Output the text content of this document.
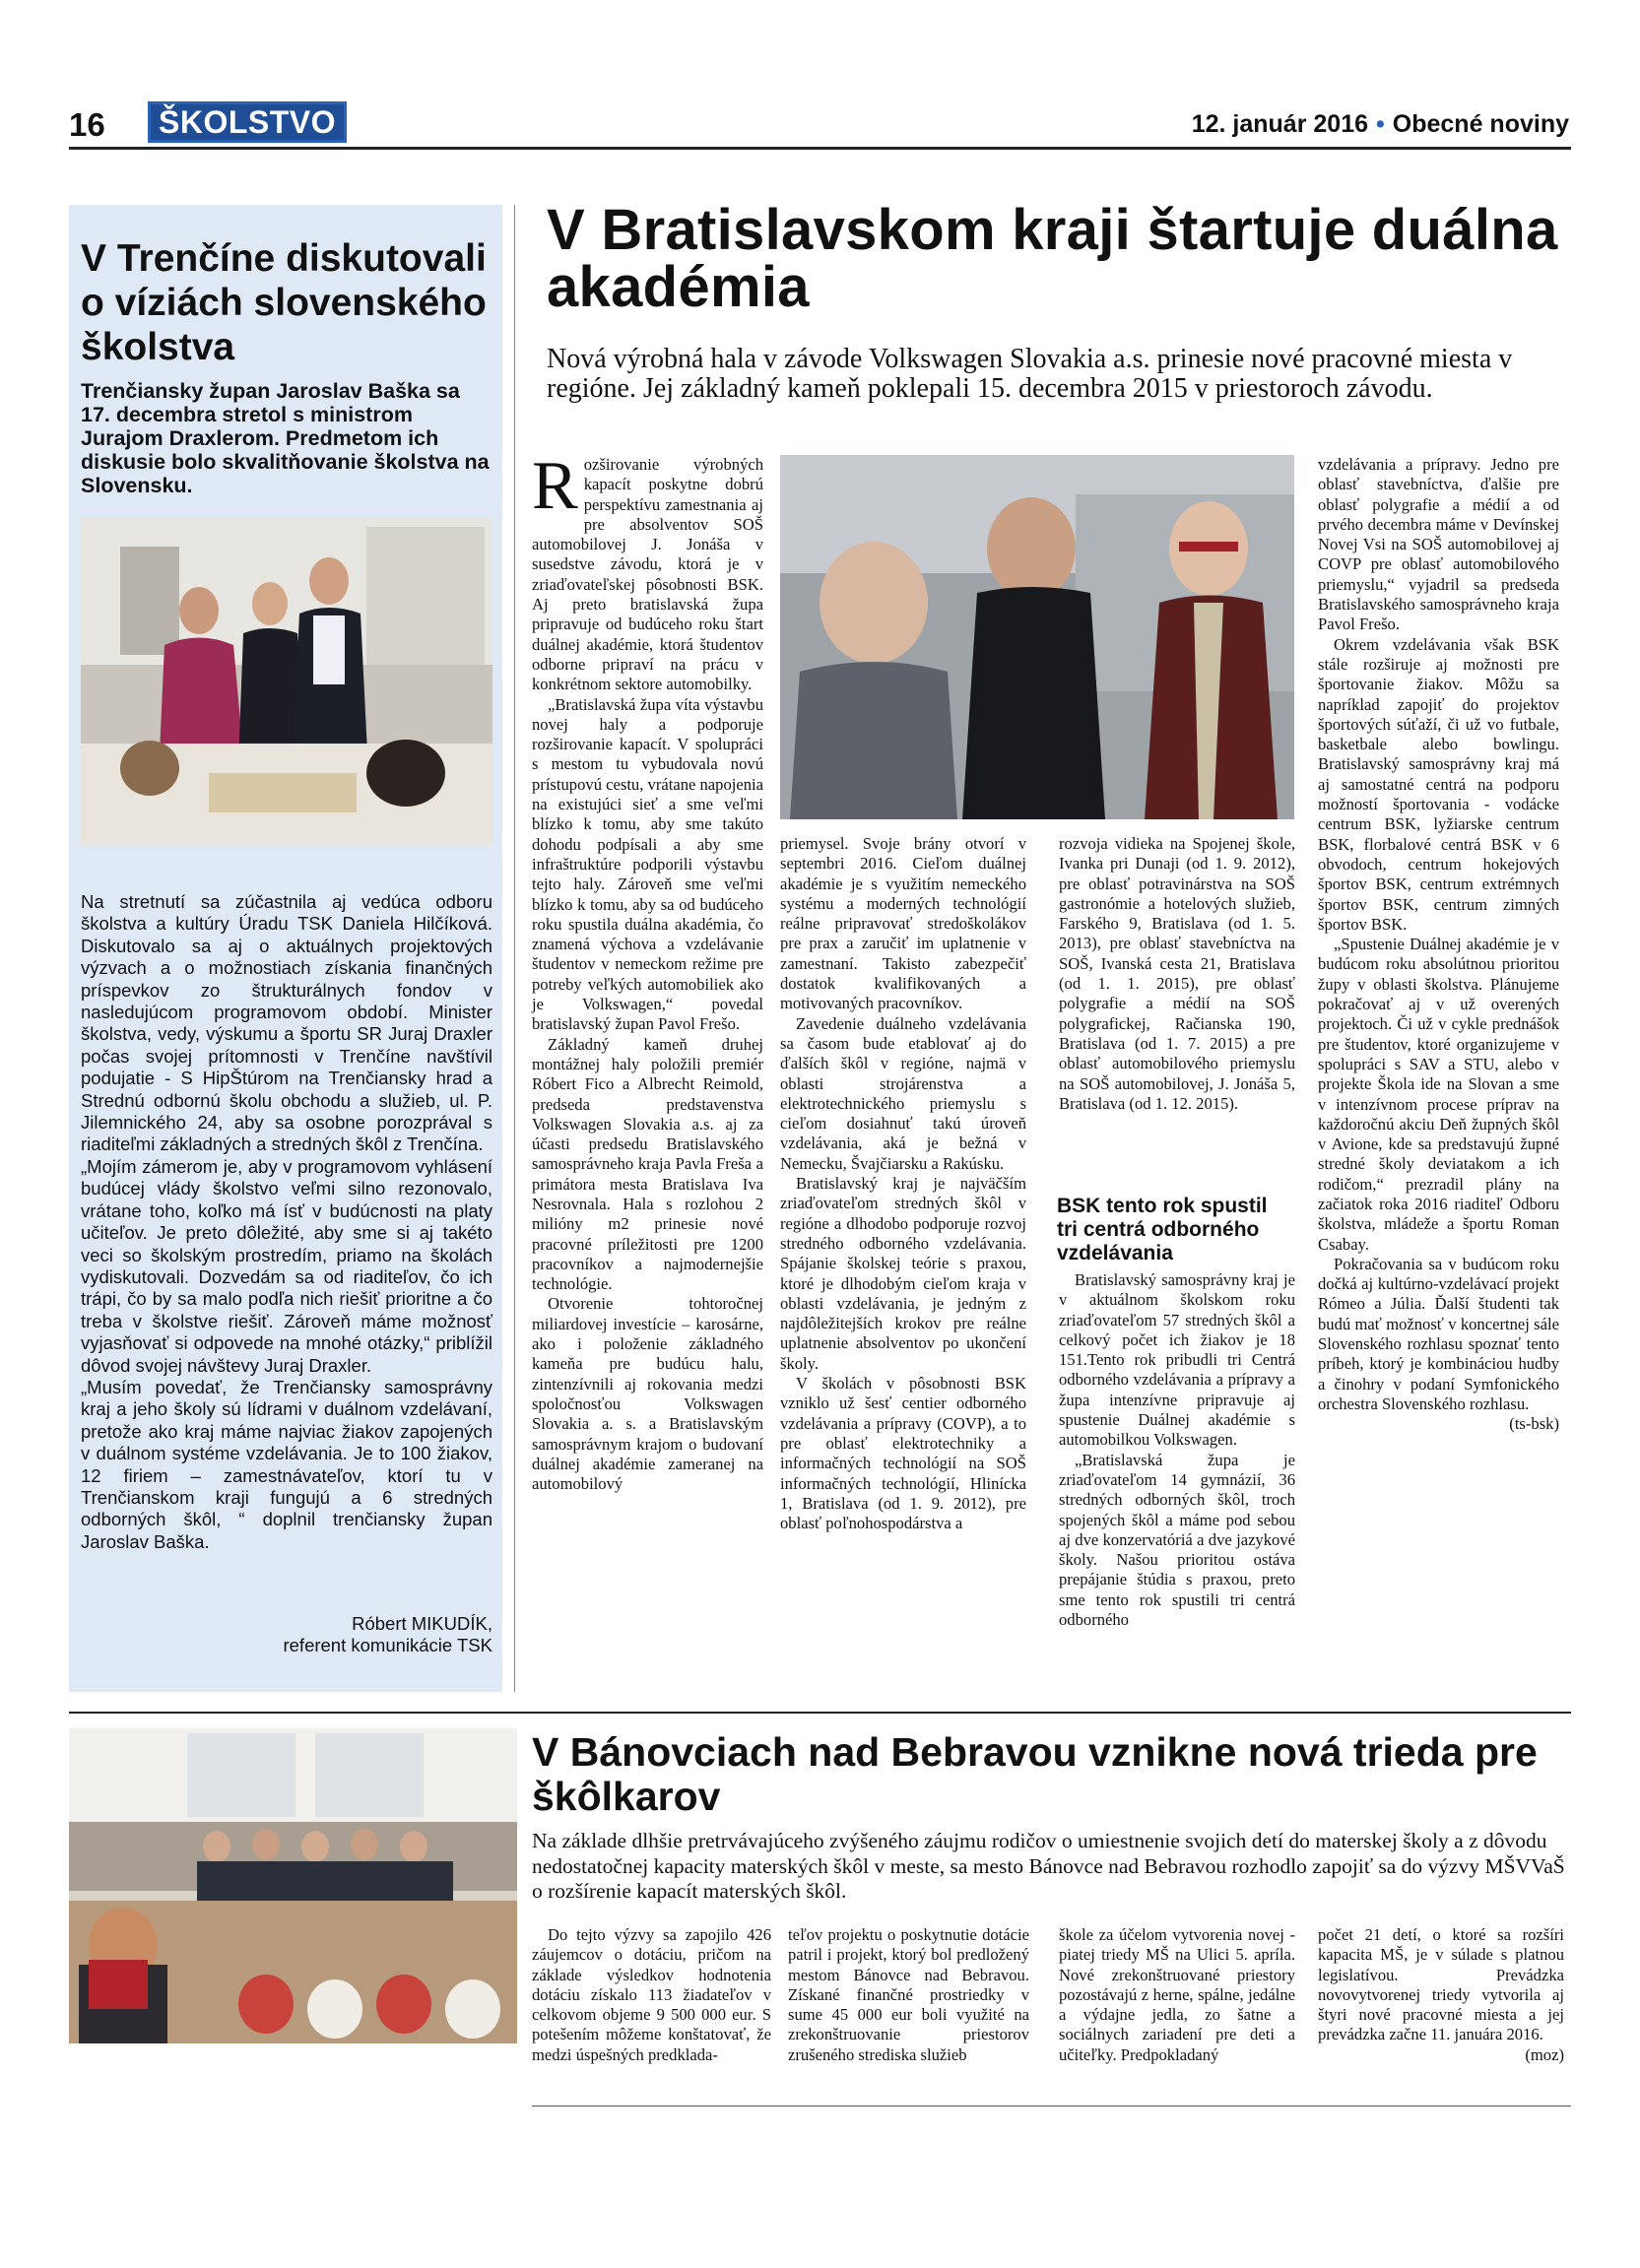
16	ŠKOLSTVO	12. január 2016 • Obecné noviny
V Trenčíne diskutovali o víziách slovenského školstva
Trenčiansky župan Jaroslav Baška sa 17. decembra stretol s ministrom Jurajom Draxlerom. Predmetom ich diskusie bolo skvalitňovanie školstva na Slovensku.

Na stretnutí sa zúčastnila aj vedúca odboru školstva a kultúry Úradu TSK Daniela Hilčíková. Diskutovalo sa aj o aktuálnych projektových výzvach a o možnostiach získania finančných príspevkov zo štrukturálnych fondov v nasledujúcom programovom období. Minister školstva, vedy, výskumu a športu SR Juraj Draxler počas svojej prítomnosti v Trenčíne navštívil podujatie - S HipŠtúrom na Trenčiansky hrad a Strednú odbornú školu obchodu a služieb, ul. P. Jilemnického 24, aby sa osobne porozprával s riaditeľmi základných a stredných škôl z Trenčína.

„Mojím zámerom je, aby v programovom vyhlásení budúcej vlády školstvo veľmi silno rezonovalo, vrátane toho, koľko má ísť v budúcnosti na platy učiteľov. Je preto dôležité, aby sme si aj takéto veci so školským prostredím, priamo na školách vydiskutovali. Dozvedám sa od riaditeľov, čo ich trápi, čo by sa malo podľa nich riešiť prioritne a čo treba v školstve riešiť. Zároveň máme možnosť vyjasňovať si odpovede na mnohé otázky,“ priblížil dôvod svojej návštevy Juraj Draxler.

„Musím povedať, že Trenčiansky samosprávny kraj a jeho školy sú lídrami v duálnom vzdelávaní, pretože ako kraj máme najviac žiakov zapojených v duálnom systéme vzdelávania. Je to 100 žiakov, 12 firiem – zamestnávateľov, ktorí tu v Trenčianskom kraji fungujú a 6 stredných odborných škôl, “ doplnil trenčiansky župan Jaroslav Baška.

Róbert MIKUDÍK,
referent komunikácie TSK
V Bratislavskom kraji štartuje duálna akadémia
Nová výrobná hala v závode Volkswagen Slovakia a.s. prinesie nové pracovné miesta v regióne. Jej základný kameň poklepali 15. decembra 2015 v priestoroch závodu.

Rozširovanie výrobných kapacít poskytne dobrú perspektívu zamestnania aj pre absolventov SOŠ automobilovej J. Jonáša v susedstve závodu, ktorá je v zriaďovateľskej pôsobnosti BSK. Aj preto bratislavská župa pripravuje od budúceho roku štart duálnej akadémie, ktorá študentov odborne pripraví na prácu v konkrétnom sektore automobilky.

„Bratislavská župa víta výstavbu novej haly a podporuje rozširovanie kapacít. V spolupráci s mestom tu vybudovala novú prístupovú cestu, vrátane napojenia na existujúci sieť a sme veľmi blízko k tomu, aby sme takúto dohodu podpísali a aby sme infraštruktúre podporili výstavbu tejto haly. Zároveň sme veľmi blízko k tomu, aby sa od budúceho roku spustila duálna akadémia, čo znamená výchova a vzdelávanie študentov v nemeckom režime pre potreby veľkých automobiliek ako je Volkswagen,“ povedal bratislavský župan Pavol Frešo.

Základný kameň druhej montážnej haly položili premiér Róbert Fico a Albrecht Reimold, predseda predstavenstva Volkswagen Slovakia a.s. aj za účasti predsedu Bratislavského samosprávneho kraja Pavla Frešа a primátora mesta Bratislava Iva Nesrovnala. Hala s rozlohou 2 milióny m2 prinesie nové pracovné príležitosti pre 1200 pracovníkov a najmodernejšie technológie.

Otvorenie tohtoročnej miliardovej investície – karosárne, ako i položenie základného kameňa pre budúcu halu, zintenzívnili aj rokovania medzi spoločnosťou Volkswagen Slovakia a. s. a Bratislavským samosprávnym krajom o budovaní duálnej akadémie zameranej na automobilový

priemysel. Svoje brány otvorí v septembri 2016. Cieľom duálnej akadémie je s využitím nemeckého systému a moderných technológií reálne pripravovať stredoškolákov pre prax a zaručiť im uplatnenie v zamestnaní. Takisto zabezpečiť dostatok kvalifikovaných a motivovaných pracovníkov.

Zavedenie duálneho vzdelávania sa časom bude etablovať aj do ďalších škôl v regióne, najmä v oblasti strojárenstva a elektrotechnického priemyslu s cieľom dosiahnuť takú úroveň vzdelávania, aká je bežná v Nemecku, Švajčiarsku a Rakúsku.

Bratislavský kraj je najväčším zriaďovateľom stredných škôl v regióne a dlhodobo podporuje rozvoj stredného odborného vzdelávania. Spájanie školskej teórie s praxou, ktoré je dlhodobým cieľom kraja v oblasti vzdelávania, je jedným z najdôležitejších krokov pre reálne uplatnenie absolventov po ukončení školy.

V školách v pôsobnosti BSK vzniklo už šesť centier odborného vzdelávania a prípravy (COVP), a to pre oblasť elektrotechniky a informačných technológií na SOŠ informačných technológií, Hlinícka 1, Bratislava (od 1. 9. 2012), pre oblasť poľnohospodárstva a

rozvoja vidieka na Spojenej škole, Ivanka pri Dunaji (od 1. 9. 2012), pre oblasť potravinárstva na SOŠ gastronómie a hotelových služieb, Farského 9, Bratislava (od 1. 5. 2013), pre oblasť stavebníctva na SOŠ, Ivanská cesta 21, Bratislava (od 1. 1. 2015), pre oblasť polygrafie a médií na SOŠ polygrafickej, Račianska 190, Bratislava (od 1. 7. 2015) a pre oblasť automobilového priemyslu na SOŠ automobilovej, J. Jonáša 5, Bratislava (od 1. 12. 2015).

BSK tento rok spustil tri centrá odborného vzdelávania

Bratislavský samosprávny kraj je v aktuálnom školskom roku zriaďovateľom 57 stredných škôl a celkový počet ich žiakov je 18 151.Tento rok pribudli tri Centrá odborného vzdelávania a prípravy a župa intenzívne pripravuje aj spustenie Duálnej akadémie s automobilkou Volkswagen.

„Bratislavská župa je zriaďovateľom 14 gymnázií, 36 stredných odborných škôl, troch spojených škôl a máme pod sebou aj dve konzervatóriá a dve jazykové školy. Našou prioritou ostáva prepájanie štúdia s praxou, preto sme tento rok spustili tri centrá odborného

vzdelávania a prípravy. Jedno pre oblasť stavebníctva, ďalšie pre oblasť polygrafie a médií a od prvého decembra máme v Devínskej Novej Vsi na SOŠ automobilovej aj COVP pre oblasť automobilového priemyslu,“ vyjadril sa predseda Bratislavského samosprávneho kraja Pavol Frešo.

Okrem vzdelávania však BSK stále rozširuje aj možnosti pre športovanie žiakov. Môžu sa napríklad zapojiť do projektov športových súťaží, či už vo futbale, basketbale alebo bowlingu. Bratislavský samosprávny kraj má aj samostatné centrá na podporu možností športovania - vodácke centrum BSK, lyžiarske centrum BSK, florbalové centrá BSK v 6 obvodoch, centrum hokejových športov BSK, centrum extrémnych športov BSK, centrum zimných športov BSK.

„Spustenie Duálnej akadémie je v budúcom roku absolútnou prioritou župy v oblasti školstva. Plánujeme pokračovať aj v už overených projektoch. Či už v cykle prednášok pre študentov, ktoré organizujeme v spolupráci s SAV a STU, alebo v projekte Škola ide na Slovan a sme v intenzívnom procese príprav na každoročnú akciu Deň župných škôl v Avione, kde sa predstavujú župné stredné školy deviatakom a ich rodičom,“ prezradil plány na začiatok roka 2016 riaditeľ Odboru školstva, mládeže a športu Roman Csabay.

Pokračovania sa v budúcom roku dočká aj kultúrno-vzdelávací projekt Rómeo a Júlia. Ďalší študenti tak budú mať možnosť v koncertnej sále Slovenského rozhlasu spoznať tento príbeh, ktorý je kombináciou hudby a činohry v podaní Symfonického orchestra Slovenského rozhlasu.

(ts-bsk)
V Bánovciach nad Bebravou vznikne nová trieda pre škôlkarov
Na základe dlhšie pretrvávajúceho zvýšeného záujmu rodičov o umiestnenie svojich detí do materskej školy a z dôvodu nedostatočnej kapacity materských škôl v meste, sa mesto Bánovce nad Bebravou rozhodlo zapojiť sa do výzvy MŠVVaŠ o rozšírenie kapacít materských škôl.

Do tejto výzvy sa zapojilo 426 záujemcov o dotáciu, pričom na základe výsledkov hodnotenia dotáciu získalo 113 žiadateľov v celkovom objeme 9 500 000 eur. S potešením môžeme konštatovať, že medzi úspešných predklada-

teľov projektu o poskytnutie dotácie patril i projekt, ktorý bol predložený mestom Bánovce nad Bebravou. Získané finančné prostriedky v sume 45 000 eur boli využité na zrekonštruovanie priestorov zrušeného strediska služieb

škole za účelom vytvorenia novej - piatej triedy MŠ na Ulici 5. apríla. Nové zrekonštruované priestory pozostávajú z herne, spálne, jedálne a výdajne jedla, zo šatne a sociálnych zariadení pre deti a učiteľky. Predpokladaný

počet 21 detí, o ktoré sa rozšíri kapacita MŠ, je v súlade s platnou legislatívou. Prevádzka novovytvorenej triedy vytvorila aj štyri nové pracovné miesta a jej prevádzka začne 11. januára 2016.

(moz)
